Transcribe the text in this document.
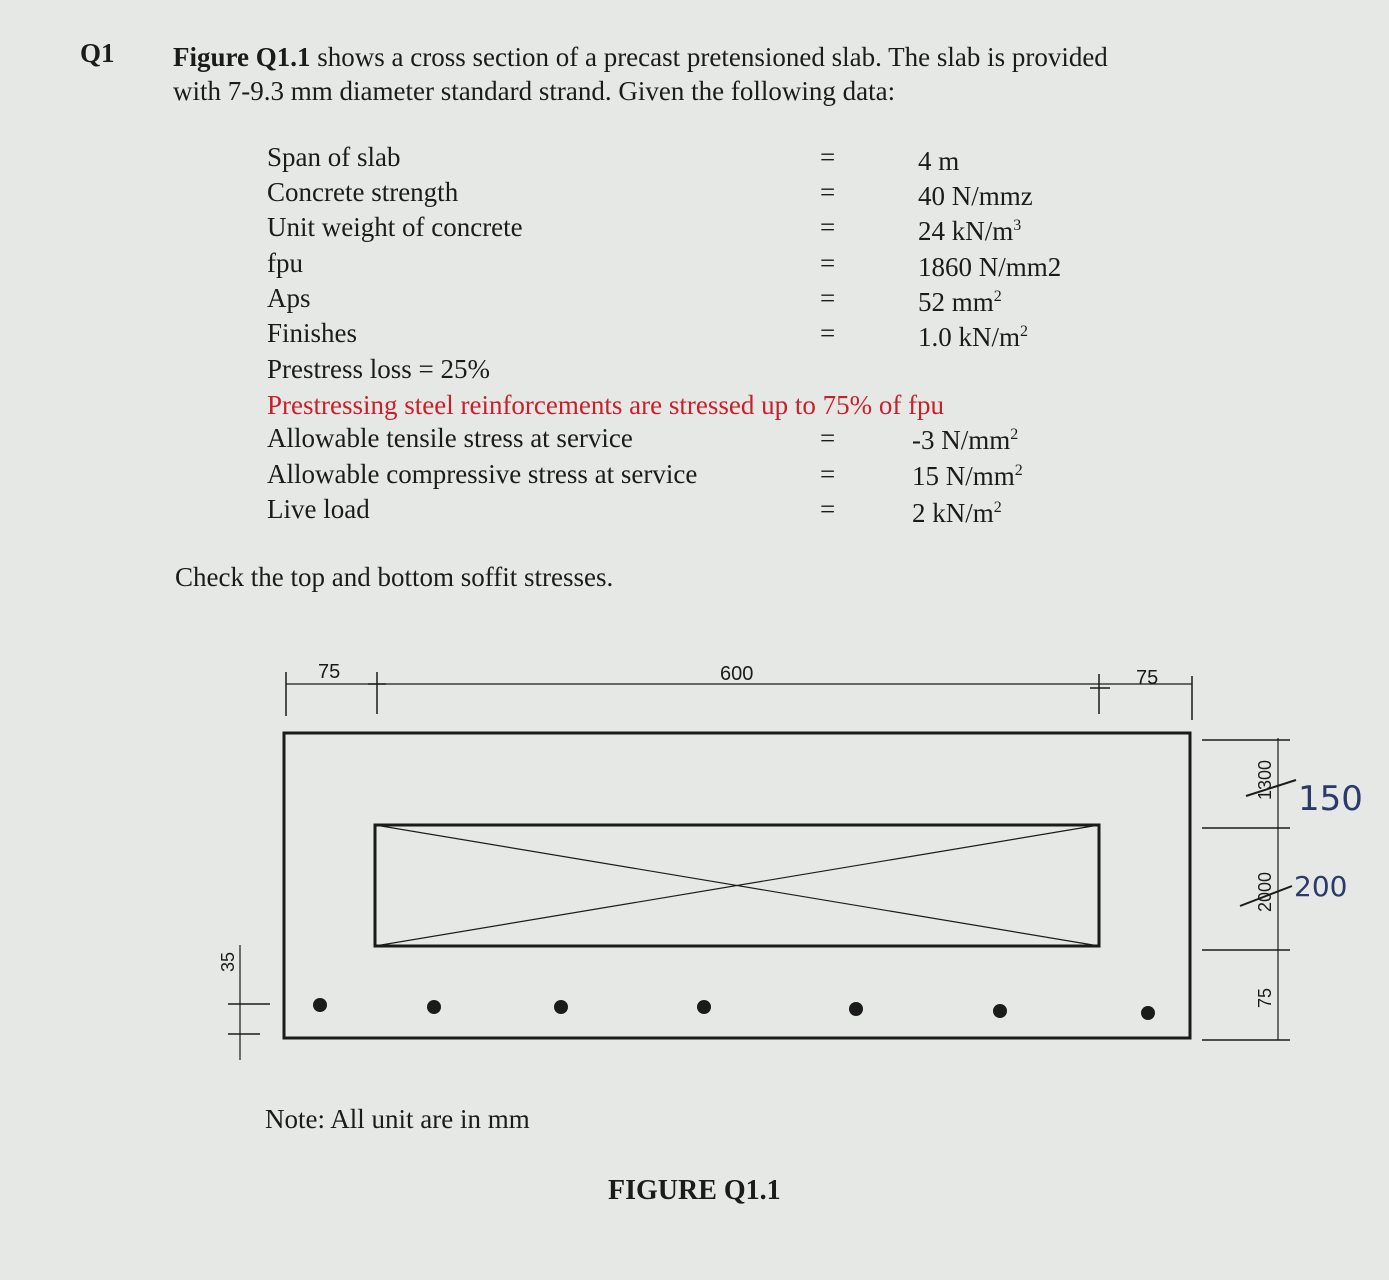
Q1 Figure Q1.1 shows a cross section of a precast pretensioned slab. The slab is provided
with 7-9.3 mm diameter standard strand. Given the following data:
Span of slab	=	4 m
Concrete strength	=	40 N/mmz
Unit weight of concrete	=	24 $kN/m^3$
fpu	=	1860 N/mm2
Aps	=	52 $mm^2$
Finishes	=	1.0 $kN/m^2$
Prestress loss = 25%
Prestressing steel reinforcements are stressed up to 75% of fpu
Allowable tensile stress at service	=	-3 $N/mm^2$
Allowable compressive stress at service	=	15 $N/mm^2$
Live load	=	2 $kN/m^2$
Check the top and bottom soffit stresses.
75	600	75
35
1300
2000
75
150
200
Note: All unit are in mm
FIGURE Q1.1
